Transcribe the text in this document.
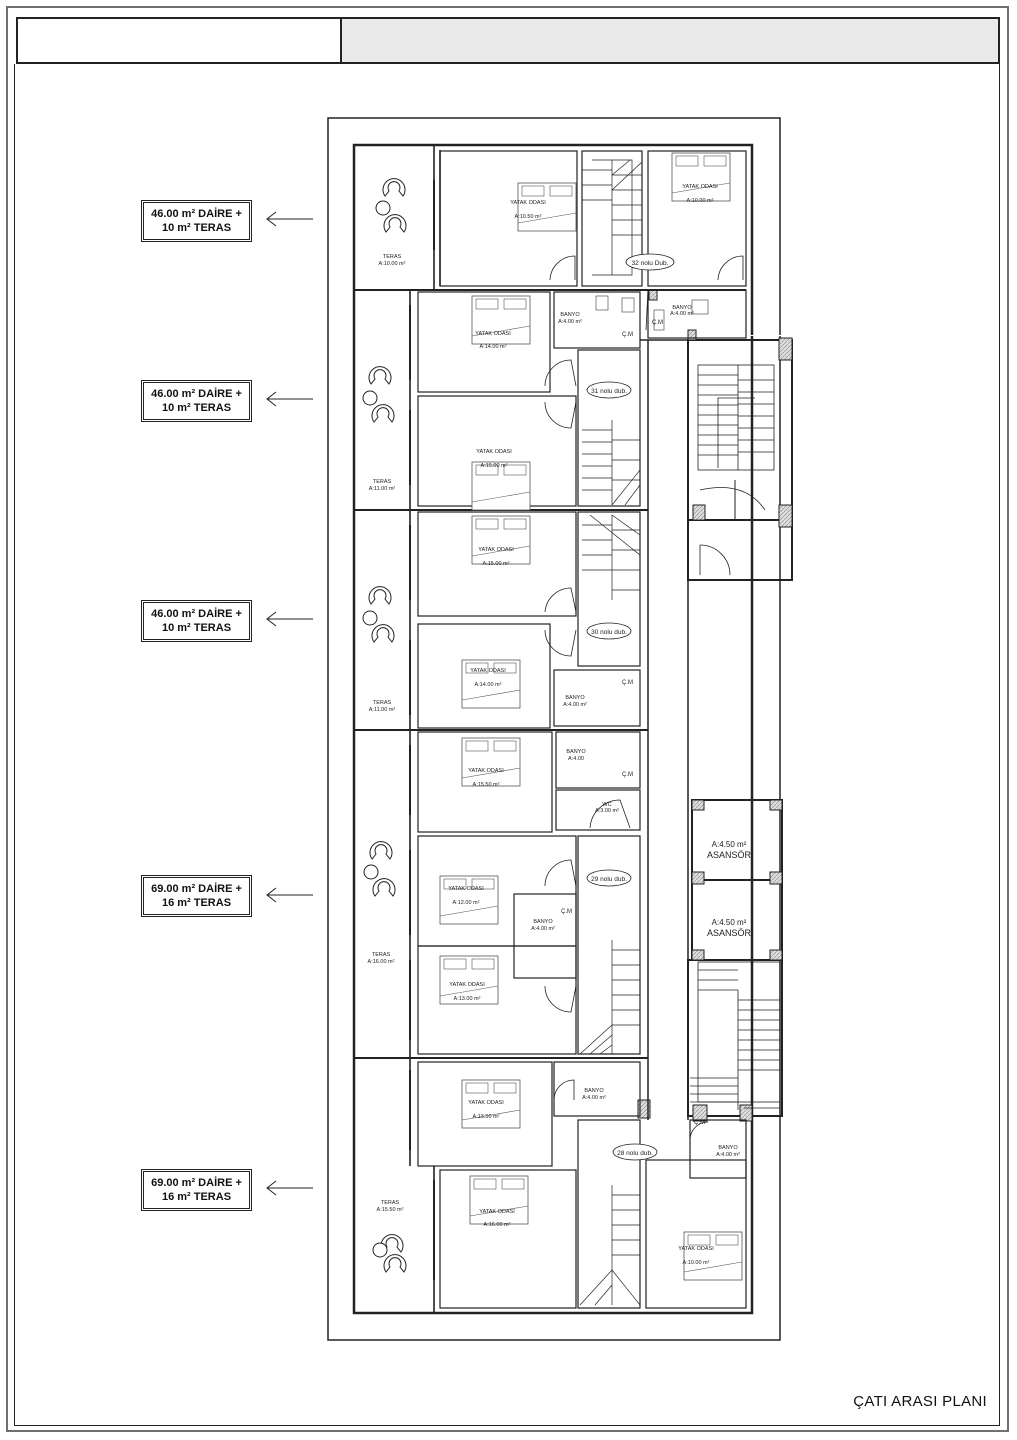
46.00 m² DAİRE +
10 m² TERAS
46.00 m² DAİRE +
10 m² TERAS
46.00 m² DAİRE +
10 m² TERAS
69.00 m² DAİRE +
16 m² TERAS
69.00 m² DAİRE +
16 m² TERAS
TERAS
A:10.00 m²
YATAK ODASI
A:10.50 m²
YATAK ODASI
A:10.00 m²
BANYO
A:4.00 m²
YATAK ODASI
A:14.00 m²
BANYO
A:4.00 m²
YATAK ODASI
A:15.00 m²
TERAS
A:11.00 m²
YATAK ODASI
A:15.00 m²
YATAK ODASI
A:14.00 m²
BANYO
A:4.00 m²
TERAS
A:11.00 m²
YATAK ODASI
A:15.50 m²
BANYO
A:4.00
WC
A:3.00 m²
YATAK ODASI
A:12.00 m²
BANYO
A:4.00 m²
YATAK ODASI
A:13.00 m²
TERAS
A:16.00 m²
YATAK ODASI
A:13.50 m²
BANYO
A:4.00 m²
BANYO
A:4.00 m²
YATAK ODASI
A:16.00 m²
YATAK ODASI
A:10.00 m²
TERAS
A:15.50 m²
A:4.50 m²
ASANSÖR
A:4.50 m²
ASANSÖR
32 nolu Dub.
31 nolu dub.
30 nolu dub.
29 nolu dub.
28 nolu dub.
Ç.M
Ç.M
Ç.M
Ç.M
Ç.M
Ç.M
ÇATI ARASI PLANI
